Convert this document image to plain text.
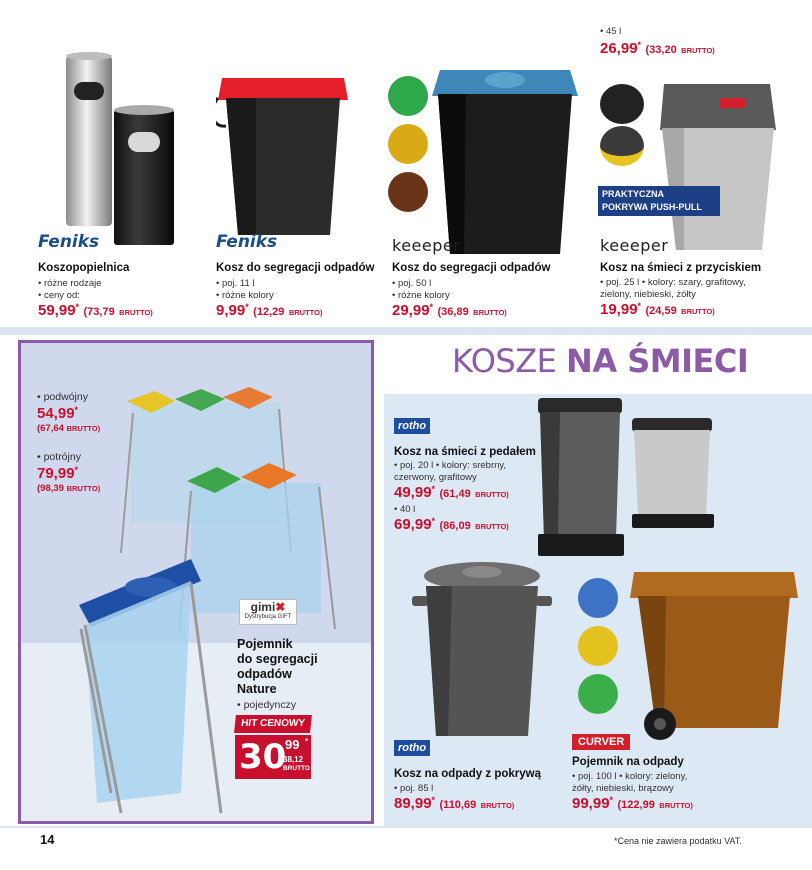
Feniks
Koszopopielnica
• różne rodzaje
• ceny od:
59,99* (73,79 BRUTTO)
Feniks
Kosz do segregacji odpadów
• poj. 11 l
• różne kolory
9,99* (12,29 BRUTTO)
keeeper
Kosz do segregacji odpadów
• poj. 50 l
• różne kolory
29,99* (36,89 BRUTTO)
• 45 l
26,99* (33,20 BRUTTO)
PRAKTYCZNA
POKRYWA PUSH-PULL
keeeper
Kosz na śmieci z przyciskiem
• poj. 25 l • kolory: szary, grafitowy,
zielony, niebieski, żółty
19,99* (24,59 BRUTTO)
KOSZE NA ŚMIECI
• podwójny
54,99*
(67,64 BRUTTO)
• potrójny
79,99*
(98,39 BRUTTO)
gimi✖
Dystrybucja GIFT
Pojemnik
do segregacji
odpadów
Nature
• pojedynczy
HIT CENOWY
30
99 *
38,12
BRUTTO
rotho
Kosz na śmieci z pedałem
• poj. 20 l • kolory: srebrny,
czerwony, grafitowy
49,99* (61,49 BRUTTO)
• 40 l
69,99* (86,09 BRUTTO)
rotho
Kosz na odpady z pokrywą
• poj. 85 l
89,99* (110,69 BRUTTO)
CURVER
Pojemnik na odpady
• poj. 100 l • kolory: zielony,
żółty, niebieski, brązowy
99,99* (122,99 BRUTTO)
14	*Cena nie zawiera podatku VAT.
